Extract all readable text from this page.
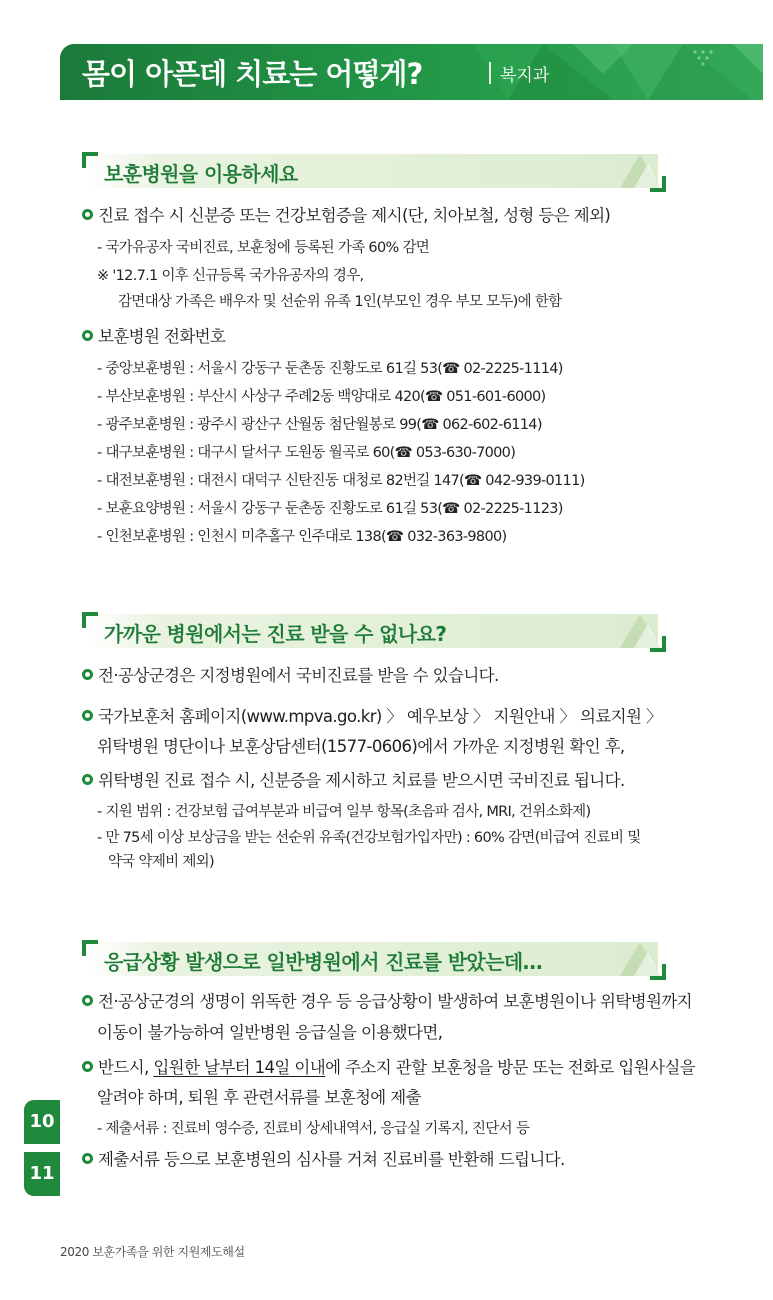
몸이 아픈데 치료는 어떻게?	복지과
보훈병원을 이용하세요
진료 접수 시 신분증 또는 건강보험증을 제시(단, 치아보철, 성형 등은 제외)
- 국가유공자 국비진료, 보훈청에 등록된 가족 60% 감면
※ '12.7.1 이후 신규등록 국가유공자의 경우,
감면대상 가족은 배우자 및 선순위 유족 1인(부모인 경우 부모 모두)에 한함
보훈병원 전화번호
- 중앙보훈병원 : 서울시 강동구 둔촌동 진황도로 61길 53(☎ 02-2225-1114)
- 부산보훈병원 : 부산시 사상구 주례2동 백양대로 420(☎ 051-601-6000)
- 광주보훈병원 : 광주시 광산구 산월동 첨단월봉로 99(☎ 062-602-6114)
- 대구보훈병원 : 대구시 달서구 도원동 월곡로 60(☎ 053-630-7000)
- 대전보훈병원 : 대전시 대덕구 신탄진동 대청로 82번길 147(☎ 042-939-0111)
- 보훈요양병원 : 서울시 강동구 둔촌동 진황도로 61길 53(☎ 02-2225-1123)
- 인천보훈병원 : 인천시 미추홀구 인주대로 138(☎ 032-363-9800)
가까운 병원에서는 진료 받을 수 없나요?
전·공상군경은 지정병원에서 국비진료를 받을 수 있습니다.
국가보훈처 홈페이지(www.mpva.go.kr) 〉 예우보상 〉 지원안내 〉 의료지원 〉
위탁병원 명단이나 보훈상담센터(1577-0606)에서 가까운 지정병원 확인 후,
위탁병원 진료 접수 시, 신분증을 제시하고 치료를 받으시면 국비진료 됩니다.
- 지원 범위 : 건강보험 급여부분과 비급여 일부 항목(초음파 검사, MRI, 건위소화제)
- 만 75세 이상 보상금을 받는 선순위 유족(건강보험가입자만) : 60% 감면(비급여 진료비 및
약국 약제비 제외)
응급상황 발생으로 일반병원에서 진료를 받았는데…
전·공상군경의 생명이 위독한 경우 등 응급상황이 발생하여 보훈병원이나 위탁병원까지
이동이 불가능하여 일반병원 응급실을 이용했다면,
반드시, 입원한 날부터 14일 이내에 주소지 관할 보훈청을 방문 또는 전화로 입원사실을
알려야 하며, 퇴원 후 관련서류를 보훈청에 제출
- 제출서류 : 진료비 영수증, 진료비 상세내역서, 응급실 기록지, 진단서 등
제출서류 등으로 보훈병원의 심사를 거쳐 진료비를 반환해 드립니다.
10
11
2020 보훈가족을 위한 지원제도해설
